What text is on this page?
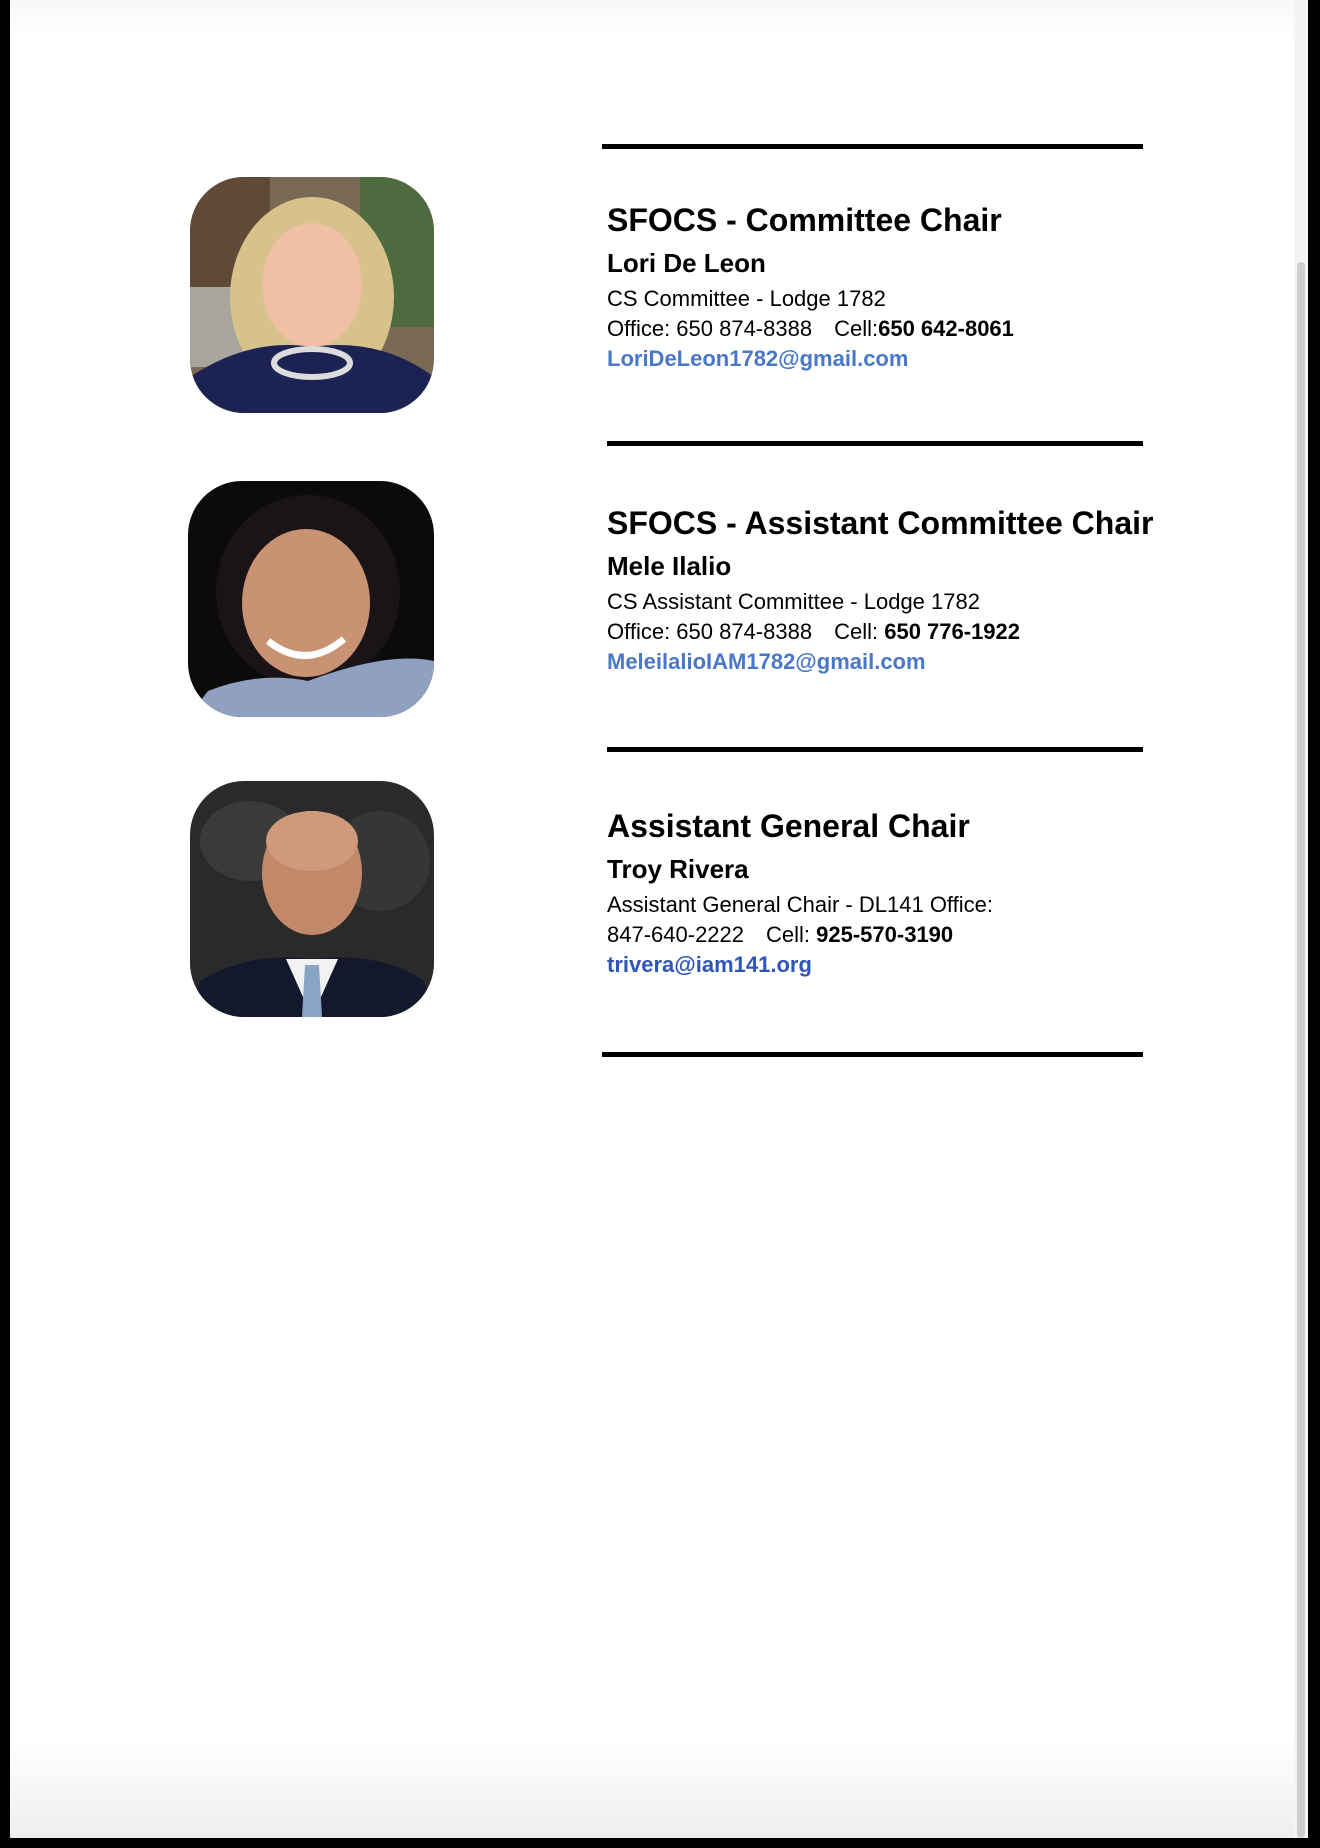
SFOCS - Committee Chair
Lori De Leon
CS Committee - Lodge 1782
Office: 650 874-8388 Cell:650 642-8061
LoriDeLeon1782@gmail.com
SFOCS - Assistant Committee Chair
Mele Ilalio
CS Assistant Committee - Lodge 1782
Office: 650 874-8388 Cell: 650 776-1922
MeleilalioIAM1782@gmail.com
Assistant General Chair
Troy Rivera
Assistant General Chair - DL141 Office:
847-640-2222 Cell: 925-570-3190
trivera@iam141.org
